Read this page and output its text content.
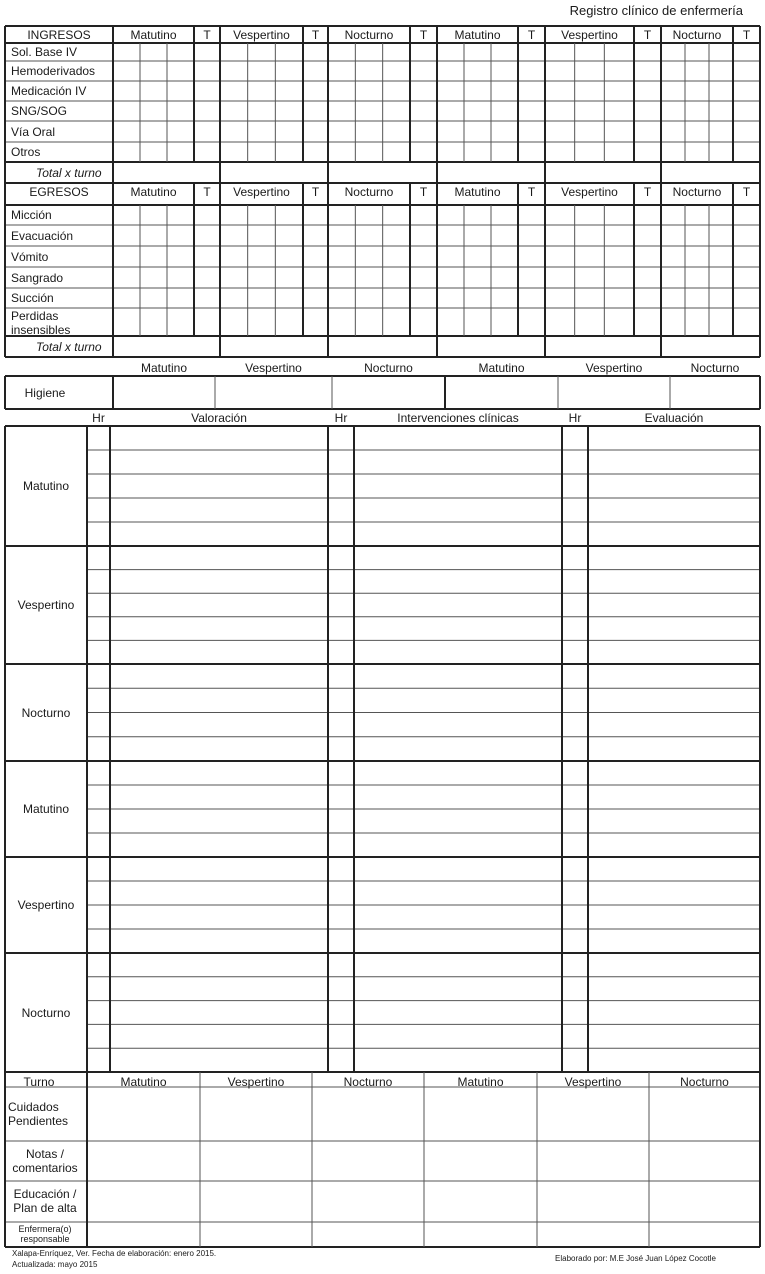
Registro clínico de enfermería
INGRESOS	Matutino	T	Vespertino	T	Nocturno	T	Matutino	T	Vespertino	T	Nocturno	T
Sol. Base IV
Hemoderivados
Medicación IV
SNG/SOG
Vía Oral
Otros
Total x turno
EGRESOS	Matutino	T	Vespertino	T	Nocturno	T	Matutino	T	Vespertino	T	Nocturno	T
Micción
Evacuación
Vómito
Sangrado
Succión
Perdidas insensibles
Total x turno
Matutino	Vespertino	Nocturno	Matutino	Vespertino	Nocturno
Higiene
Hr	Valoración	Hr	Intervenciones clínicas	Hr	Evaluación
Matutino
Vespertino
Nocturno
Matutino
Vespertino
Nocturno
Turno	Matutino	Vespertino	Nocturno	Matutino	Vespertino	Nocturno
Cuidados Pendientes
Notas / comentarios
Educación / Plan de alta
Enfermera(o) responsable
Xalapa-Enríquez, Ver. Fecha de elaboración: enero 2015.
Actualizada: mayo 2015
Elaborado por: M.E José Juan López Cocotle
